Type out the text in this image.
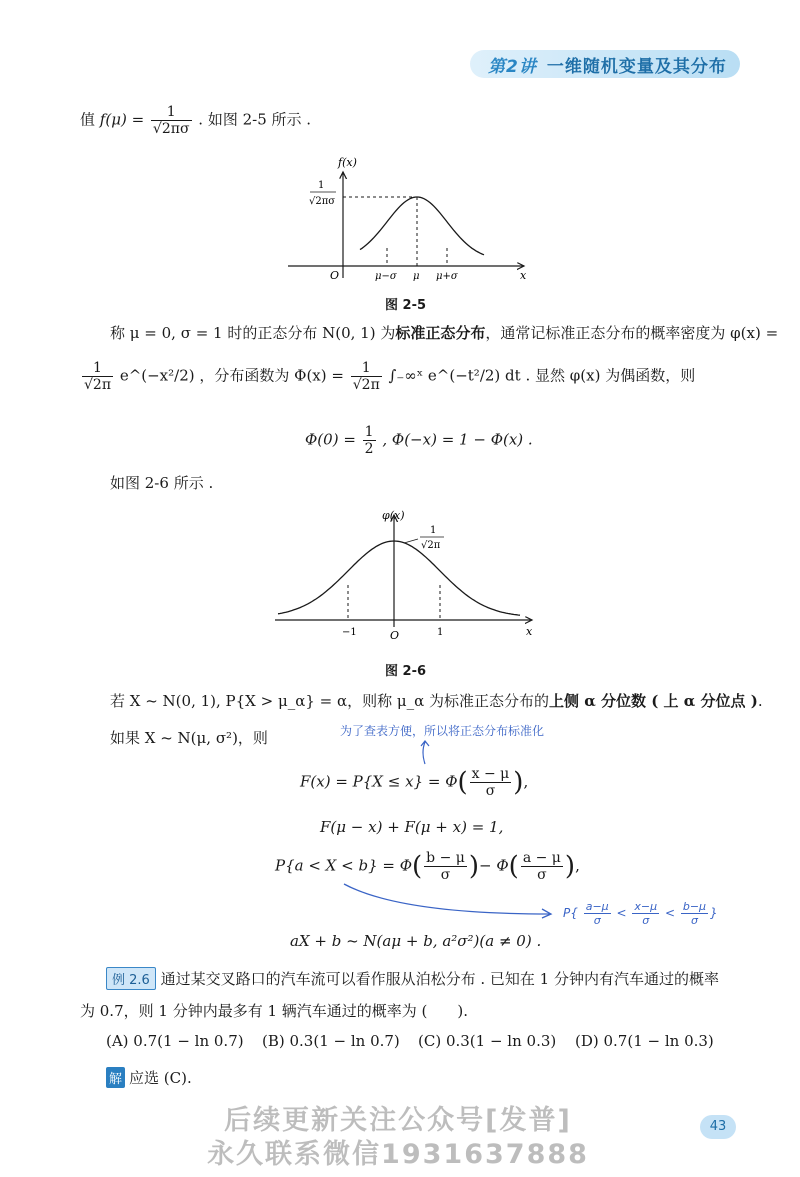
第2讲 一维随机变量及其分布
值 $f(\mu) = \frac{1}{√2\pi\sigma}$ . 如图 2-5 所示 .
f(x)
1
√2πσ
O	x
μ−σ μ μ+σ
图 2-5
称 μ = 0, σ = 1 时的正态分布 N(0, 1) 为标准正态分布，通常记标准正态分布的概率密度为 φ(x) =
$\frac{1}{√2\pi}$ e^(−x²/2) ，分布函数为 $\Phi(x) = \frac{1}{√2\pi}$ ∫₋∞ˣ e^(−t²/2) dt . 显然 φ(x) 为偶函数，则
$\Phi(0) = \frac{1}{2}$ , Φ(−x) = 1 − Φ(x) .
如图 2-6 所示 .
φ(x)
1
√2π
O	x
−1	1
图 2-6
若 X ~ N(0, 1), P{X > μ_α} = α，则称 μ_α 为标准正态分布的上侧 α 分位数 ( 上 α 分位点 ).
如果 X ~ N(μ, σ²)，则	为了查表方便，所以将正态分布标准化
$F(x) = P\{X \le x\} = \Phi( \frac{x - \mu}{\sigma}$ ),
F(μ − x) + F(μ + x) = 1,
$P\{a < X < b\} = \Phi( \frac{b - \mu}{\sigma}$ )− $\Phi( \frac{a - \mu}{\sigma}$ ),
$P\{ \frac{a-\mu}{\sigma} < \frac{x-\mu}{\sigma} < \frac{b-\mu}{\sigma}$ }
aX + b ~ N(aμ + b, a²σ²)(a ≠ 0) .
例 2.6 通过某交叉路口的汽车流可以看作服从泊松分布 . 已知在 1 分钟内有汽车通过的概率
为 0.7，则 1 分钟内最多有 1 辆汽车通过的概率为 (　　).
(A) 0.7(1 − ln 0.7) (B) 0.3(1 − ln 0.7) (C) 0.3(1 − ln 0.3) (D) 0.7(1 − ln 0.3)
解 应选 (C).
后续更新关注公众号[发普]
永久联系微信1931637888
43
